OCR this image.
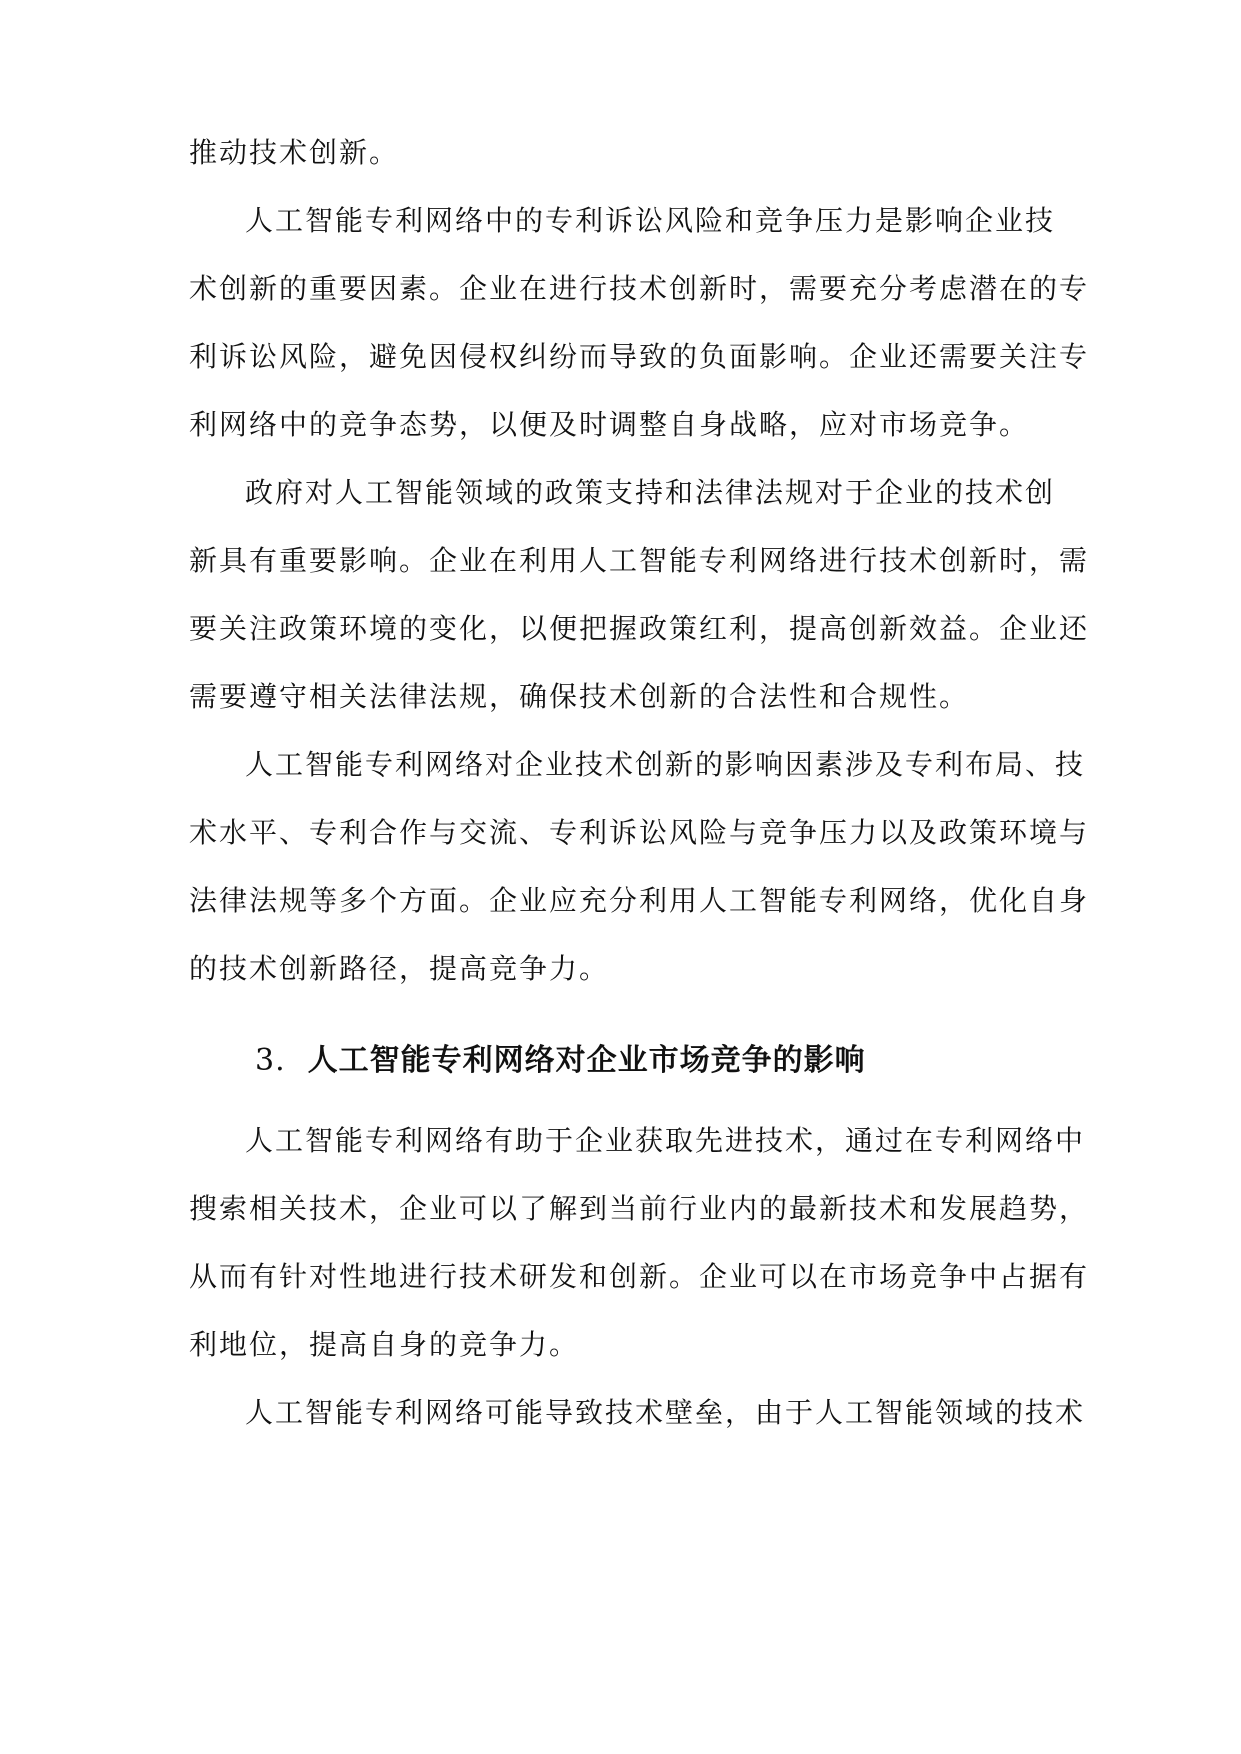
推动技术创新。
人工智能专利网络中的专利诉讼风险和竞争压力是影响企业技
术创新的重要因素。企业在进行技术创新时，需要充分考虑潜在的专
利诉讼风险，避免因侵权纠纷而导致的负面影响。企业还需要关注专
利网络中的竞争态势，以便及时调整自身战略，应对市场竞争。
政府对人工智能领域的政策支持和法律法规对于企业的技术创
新具有重要影响。企业在利用人工智能专利网络进行技术创新时，需
要关注政策环境的变化，以便把握政策红利，提高创新效益。企业还
需要遵守相关法律法规，确保技术创新的合法性和合规性。
人工智能专利网络对企业技术创新的影响因素涉及专利布局、技
术水平、专利合作与交流、专利诉讼风险与竞争压力以及政策环境与
法律法规等多个方面。企业应充分利用人工智能专利网络，优化自身
的技术创新路径，提高竞争力。
3. 人工智能专利网络对企业市场竞争的影响
人工智能专利网络有助于企业获取先进技术，通过在专利网络中
搜索相关技术，企业可以了解到当前行业内的最新技术和发展趋势，
从而有针对性地进行技术研发和创新。企业可以在市场竞争中占据有
利地位，提高自身的竞争力。
人工智能专利网络可能导致技术壁垒，由于人工智能领域的技术
